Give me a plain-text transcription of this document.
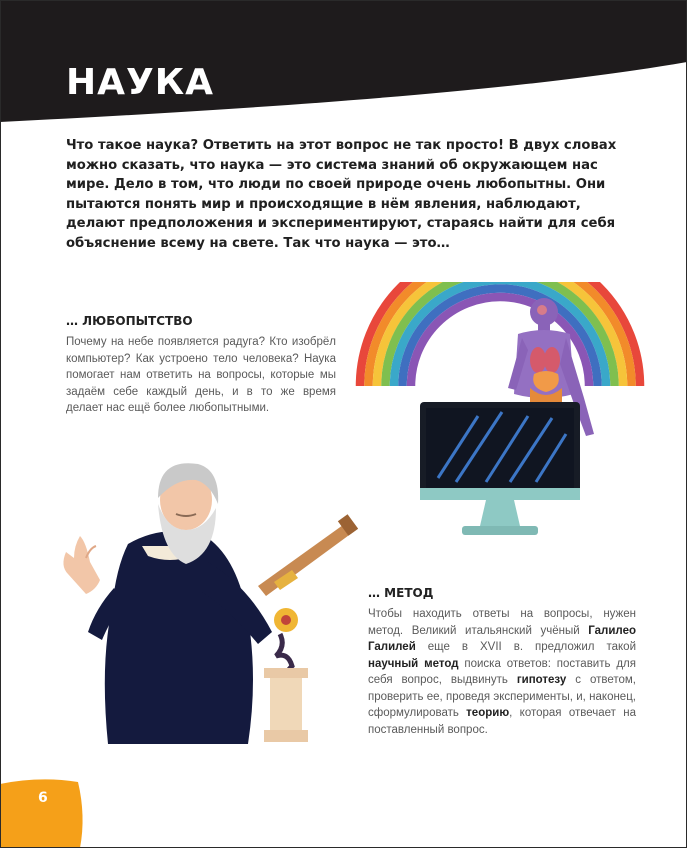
НАУКА

Что такое наука? Ответить на этот вопрос не так просто! В двух словах можно сказать, что наука — это система знаний об окружающем нас мире. Дело в том, что люди по своей природе очень любопытны. Они пытаются понять мир и происходящие в нём явления, наблюдают, делают предположения и экспериментируют, стараясь найти для себя объяснение всему на свете. Так что наука — это…

… ЛЮБОПЫТСТВО

Почему на небе появляется радуга? Кто изобрёл компьютер? Как устроено тело человека? Наука помогает нам ответить на вопросы, которые мы задаём себе каждый день, и в то же время делает нас ещё более любопытными.

… МЕТОД

Чтобы находить ответы на вопросы, нужен метод. Великий итальянский учёный Галилео Галилей еще в XVII в. предложил такой научный метод поиска ответов: поставить для себя вопрос, выдвинуть гипотезу с ответом, проверить ее, проведя эксперименты, и, наконец, сформулировать теорию, которая отвечает на поставленный вопрос.

6
